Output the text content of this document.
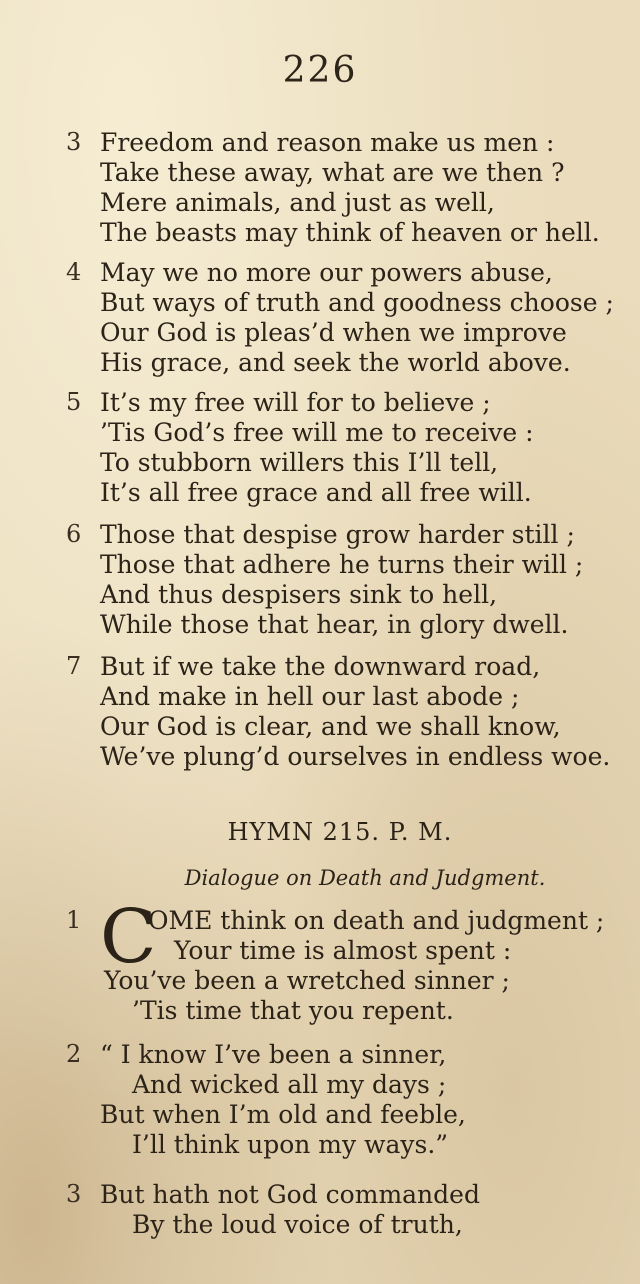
226
3 Freedom and reason make us men :
Take these away, what are we then ?
Mere animals, and just as well,
The beasts may think of heaven or hell.
4 May we no more our powers abuse,
But ways of truth and goodness choose ;
Our God is pleas’d when we improve
His grace, and seek the world above.
5 It’s my free will for to believe ;
’Tis God’s free will me to receive :
To stubborn willers this I’ll tell,
It’s all free grace and all free will.
6 Those that despise grow harder still ;
Those that adhere he turns their will ;
And thus despisers sink to hell,
While those that hear, in glory dwell.
7 But if we take the downward road,
And make in hell our last abode ;
Our God is clear, and we shall know,
We’ve plung’d ourselves in endless woe.
HYMN 215. P. M.
Dialogue on Death and Judgment.
1 C
OME think on death and judgment ;
Your time is almost spent :
You’ve been a wretched sinner ;
’Tis time that you repent.
2 “ I know I’ve been a sinner,
And wicked all my days ;
But when I’m old and feeble,
I’ll think upon my ways.”
3 But hath not God commanded
By the loud voice of truth,
